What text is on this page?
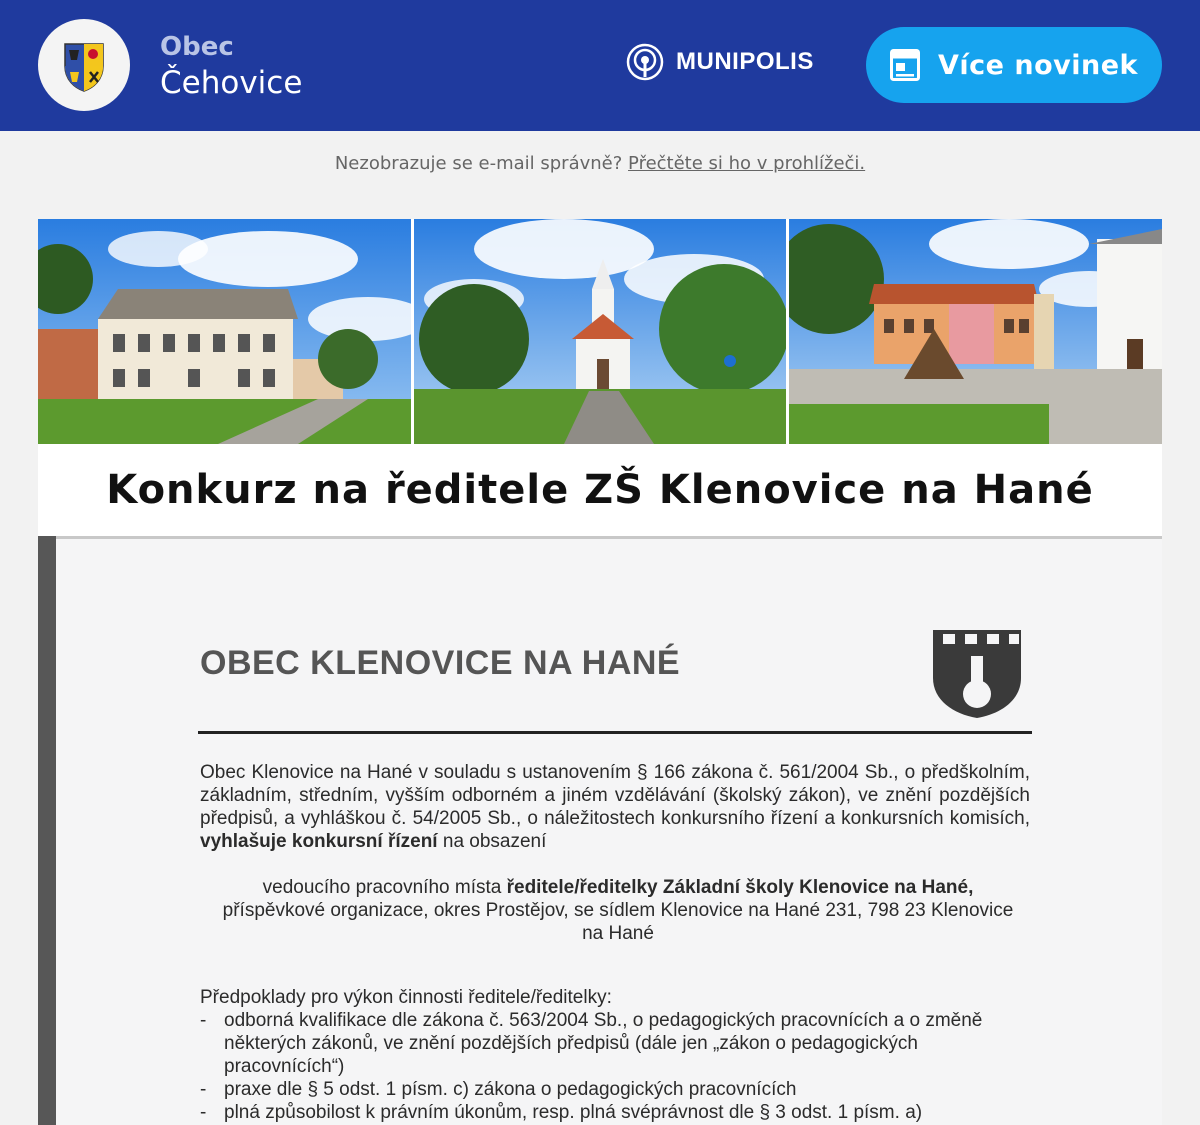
Obec
Čehovice
MUNIPOLIS	Více novinek
Nezobrazuje se e-mail správně? Přečtěte si ho v prohlížeči.
Konkurz na ředitele ZŠ Klenovice na Hané
OBEC KLENOVICE NA HANÉ
Obec Klenovice na Hané v souladu s ustanovením § 166 zákona č. 561/2004 Sb., o předškolním, základním, středním, vyšším odborném a jiném vzdělávání (školský zákon), ve znění pozdějších předpisů, a vyhláškou č. 54/2005 Sb., o náležitostech konkursního řízení a konkursních komisích, vyhlašuje konkursní řízení na obsazení
vedoucího pracovního místa ředitele/ředitelky Základní školy Klenovice na Hané, příspěvkové organizace, okres Prostějov, se sídlem Klenovice na Hané 231, 798 23 Klenovice na Hané
Předpoklady pro výkon činnosti ředitele/ředitelky:
- odborná kvalifikace dle zákona č. 563/2004 Sb., o pedagogických pracovnících a o změně některých zákonů, ve znění pozdějších předpisů (dále jen „zákon o pedagogických pracovnících“)
- praxe dle § 5 odst. 1 písm. c) zákona o pedagogických pracovnících
- plná způsobilost k právním úkonům, resp. plná svéprávnost dle § 3 odst. 1 písm. a)
